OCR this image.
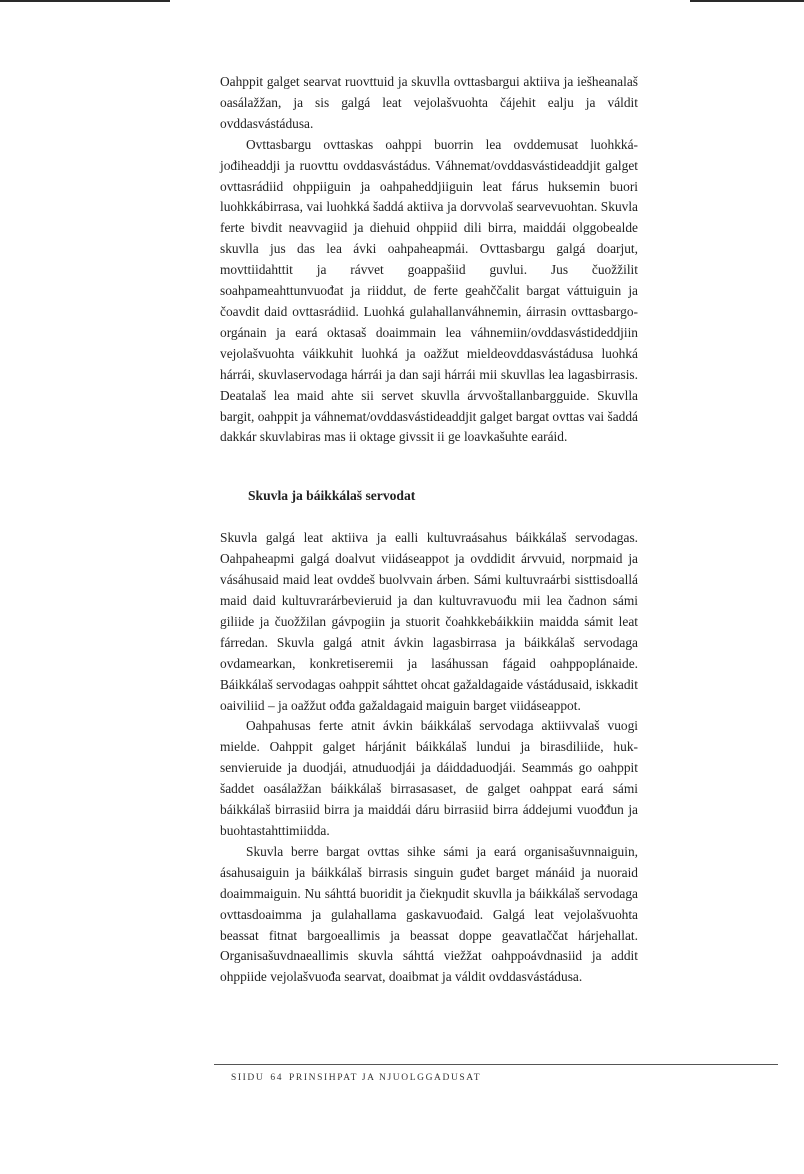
Oahppit galget searvat ruovttuid ja skuvlla ovttasbargui aktiiva ja iešheanalaš oasálažžan, ja sis galgá leat vejolašvuohta čájehit ealju ja váldit ovddasvástádusa.

Ovttasbargu ovttaskas oahppi buorrin lea ovddemusat luohkkájođiheaddji ja ruovttu ovddasvástádus. Váhnemat/ovddasvástideaddjit galget ovttasrádiid ohppiiguin ja oahpaheddjiiguin leat fárus huksemin buori luohkkábirrasa, vai luohkká šaddá aktiiva ja dorvvolaš searvevuohtan. Skuvla ferte bivdit neavvagiid ja diehuid ohppiid dili birra, maiddái olggobealde skuvlla jus das lea ávki oahpaheapmái. Ovttasbargu galgá doarjut, movttiidahttit ja rávvet goappašiid guvlui. Jus čuožžilit soahpameahttunvuođat ja riiddut, de ferte geahččalit bargat váttuiguin ja čoavdit daid ovttasrádiid. Luohká gulahallanváhnemin, áirrasin ovttasbargo-orgánain ja eará oktasaš doaimmain lea váhnemiin/ovddasvástideddjiin vejolašvuohta váikkuhit luohká ja oažžut mieldeovddasvástádusa luohká hárrái, skuvlaservodaga hárrái ja dan saji hárrái mii skuvllas lea lagasbirrasis. Deatalaš lea maid ahte sii servet skuvlla árvvoštallanbargguide. Skuvlla bargit, oahppit ja váhnemat/ovddasvástideaddjit galget bargat ovttas vai šaddá dakkár skuvlabiras mas ii oktage givssit ii ge loavkašuhte earáid.

Skuvla ja báikkálaš servodat

Skuvla galgá leat aktiiva ja ealli kultuvraásahus báikkálaš servodagas. Oahpaheapmi galgá doalvut viidáseappot ja ovddidit árvvuid, norpmaid ja vásáhusaid maid leat ovddeš buolvvain árben. Sámi kultuvraárbi sisttisdoallá maid daid kultuvrarárbevieruid ja dan kultuvravuođu mii lea čadnon sámi giliide ja čuožžilan gávpogiin ja stuorit čoahkkebáikkiin maidda sámit leat fárredan. Skuvla galgá atnit ávkin lagasbirrasa ja báikkálaš servodaga ovdamearkan, konkretiseremii ja lasáhussan fágaid oahppoplánaide. Báikkálaš servodagas oahppit sáhttet ohcat gažaldagaide vástádusaid, iskkadit oaiviliid – ja oažžut ođđa gažaldagaid maiguin barget viidáseappot.

Oahpahusas ferte atnit ávkin báikkálaš servodaga aktiivvalaš vuogi mielde. Oahppit galget hárjánit báikkálaš lundui ja birasdiliide, huksenvieruide ja duodjái, atnuduodjái ja dáiddaduodjái. Seammás go oahppit šaddet oasálažžan báikkálaš birrasasaset, de galget oahppat eará sámi báikkálaš birrasiid birra ja maiddái dáru birrasiid birra áddejumi vuođđun ja buohtastahttimiidda.

Skuvla berre bargat ovttas sihke sámi ja eará organisašuvnnaiguin, ásahusaiguin ja báikkálaš birrasis singuin guđet barget mánáid ja nuoraid doaimmaiguin. Nu sáhttá buoridit ja čiekŋudit skuvlla ja báikkálaš servodaga ovttasdoaimma ja gulahallama gaskavuođaid. Galgá leat vejolašvuohta beassat fitnat bargoeallimis ja beassat doppe geavatlaččat hárjehallat. Organisašuvdnaeallimis skuvla sáhttá viežžat oahppoávdnasiid ja addit ohppiide vejolašvuođa searvat, doaibmat ja váldit ovddasvástádusa.

SIIDU 64 PRINSIHPAT JA NJUOLGGADUSAT
